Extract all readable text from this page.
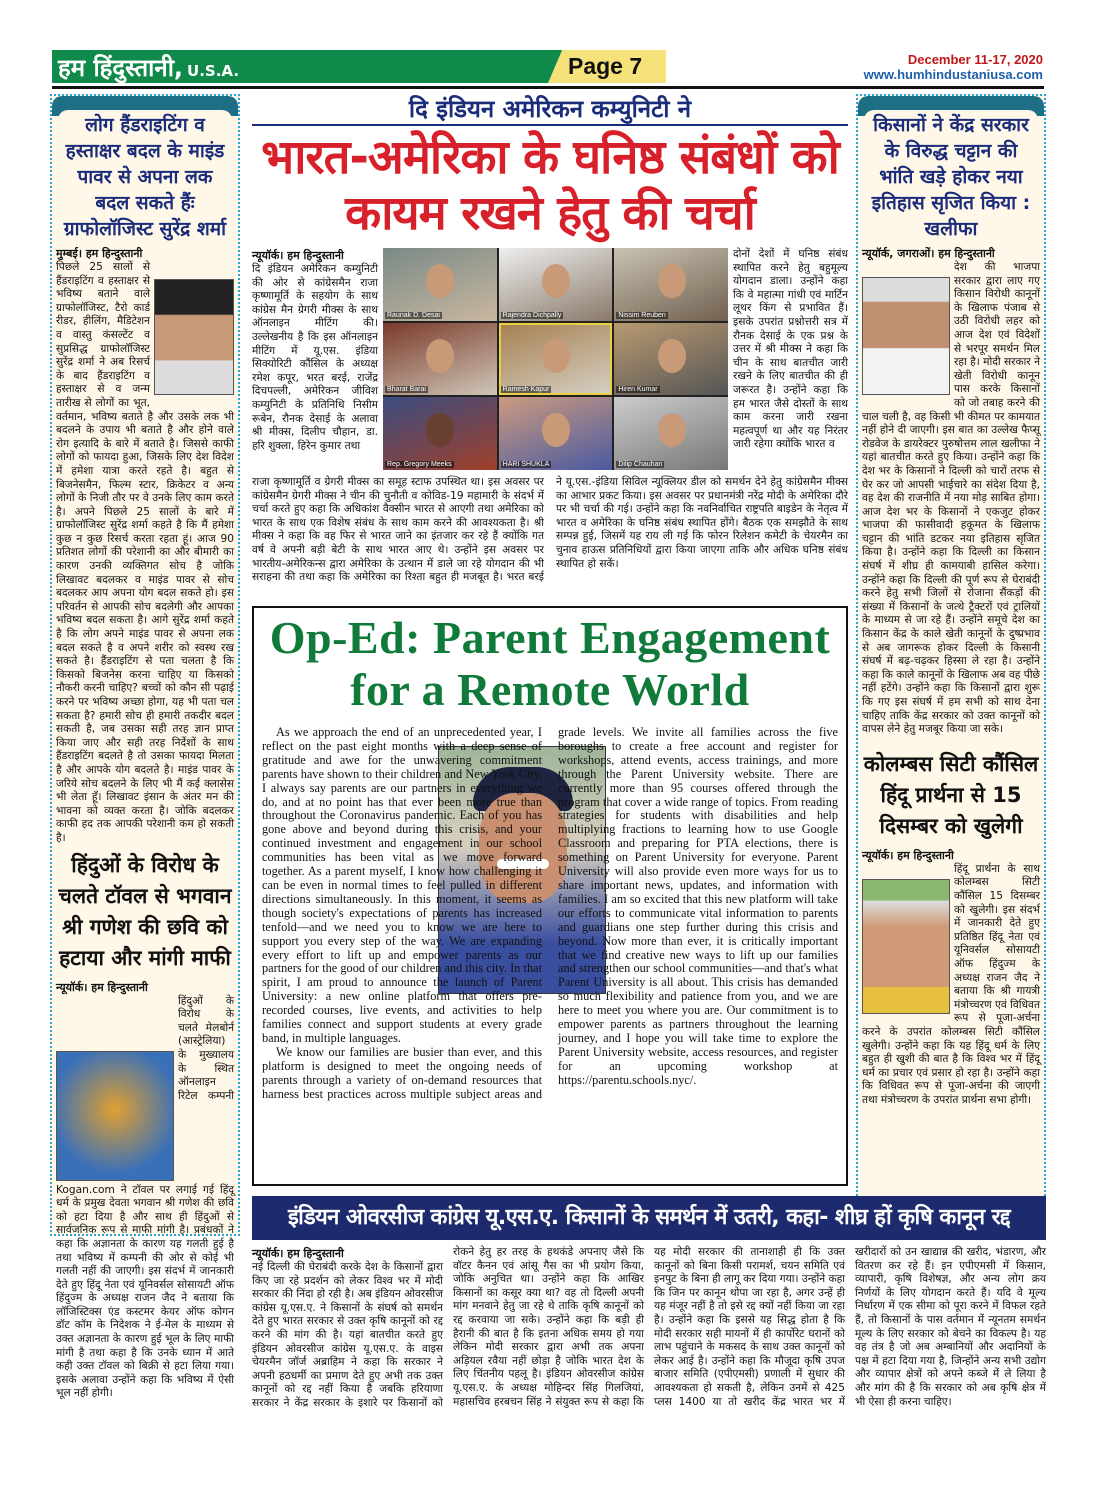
हम हिंदुस्तानी, U.S.A.	Page 7	December 11-17, 2020
www.humhindustaniusa.com
लोग हैंडराइटिंग व हस्ताक्षर बदल के माइंड पावर से अपना लक बदल सकते हैंः ग्राफोलॉजिस्ट सुरेंद्र शर्मा
मुम्बई। हम हिन्दुस्तानी
पिछले 25 सालों से हैंडराइटिंग व हस्ताक्षर से भविष्य बताने वाले ग्राफोलॉजिस्ट, टैरो कार्ड रीडर, हीलिंग, मैडिटेशन व वास्तु कंसल्टेंट व सुप्रसिद्ध ग्राफोलॉजिस्ट सुरेंद्र शर्मा ने अब रिसर्च के बाद हैंडराइटिंग व हस्ताक्षर से व जन्म तारीख से लोगों का भूत, वर्तमान, भविष्य बताते है और उसके लक भी बदलने के उपाय भी बताते है और होने वाले रोग इत्यादि के बारे में बताते है। जिससे काफी लोगों को फायदा हुआ, जिसके लिए देश विदेश में हमेशा यात्रा करते रहते है। बहुत से बिजनेसमैन, फिल्म स्टार, क्रिकेटर व अन्य लोगों के निजी तौर पर वे उनके लिए काम करते है। अपने पिछले 25 सालों के बारे में ग्राफोलॉजिस्ट सुरेंद्र शर्मा कहते है कि मैं हमेशा कुछ न कुछ रिसर्च करता रहता हूं। आज 90 प्रतिशत लोगों की परेशानी का और बीमारी का कारण उनकी व्यक्तिगत सोच है जोकि लिखावट बदलकर व माइंड पावर से सोच बदलकर आप अपना योग बदल सकते हो। इस परिवर्तन से आपकी सोच बदलेगी और आपका भविष्य बदल सकता है। आगे सुरेंद्र शर्मा कहते है कि लोग अपने माइंड पावर से अपना लक बदल सकते है व अपने शरीर को स्वस्थ रख सकते है। हैंडराइटिंग से पता चलता है कि किसको बिजनेस करना चाहिए या किसको नौकरी करनी चाहिए? बच्चों को कौन सी पढ़ाई करने पर भविष्य अच्छा होगा, यह भी पता चल सकता है? हमारी सोच ही हमारी तकदीर बदल सकती है, जब उसका सही तरह ज्ञान प्राप्त किया जाए और सही तरह निर्देशों के साथ हैंडराइटिंग बदलते है तो उसका फायदा मिलता है और आपके योग बदलते है। माइंड पावर के जरिये सोच बदलने के लिए भी मैं कई क्लासेस भी लेता हूँ। लिखावट इंसान के अंतर मन की भावना को व्यक्त करता है। जोकि बदलकर काफी हद तक आपकी परेशानी कम हो सकती है।
हिंदुओं के विरोध के चलते टॉवल से भगवान श्री गणेश की छवि को हटाया और मांगी माफी
न्यूयॉर्क। हम हिन्दुस्तानी
हिंदुओं के विरोध के चलते मेलबोर्न (आस्ट्रेलिया) के मुख्यालय के स्थित ऑनलाइन रिटेल कम्पनी Kogan.com ने टॉवल पर लगाई गई हिंदू धर्म के प्रमुख देवता भगवान श्री गणेश की छवि को हटा दिया है और साथ ही हिंदुओं से सार्वजनिक रूप से माफी मांगी है। प्रबंधकों ने कहा कि अज्ञानता के कारण यह गलती हुई है तथा भविष्य में कम्पनी की ओर से कोई भी गलती नहीं की जाएगी। इस संदर्भ में जानकारी देते हुए हिंदू नेता एवं यूनिवर्सल सोसायटी ऑफ हिंदुज्म के अध्यक्ष राजन जैद ने बताया कि लॉजिस्टिक्स एंड कस्टमर केयर ऑफ कोगन डॉट कॉम के निदेशक ने ई-मेल के माध्यम से उक्त अज्ञानता के कारण हुई भूल के लिए माफी मांगी है तथा कहा है कि उनके ध्यान में आते कही उक्त टॉवल को बिक्री से हटा लिया गया। इसके अलावा उन्होंने कहा कि भविष्य में ऐसी भूल नहीं होगी।
दि इंडियन अमेरिकन कम्युनिटी ने
भारत-अमेरिका के घनिष्ठ संबंधों को कायम रखने हेतु की चर्चा
न्यूयॉर्क। हम हिन्दुस्तानी
दि इंडियन अमेरिकन कम्युनिटी की ओर से कांग्रेसमैन राजा कृष्णामूर्ति के सहयोग के साथ कांग्रेस मैन ग्रेगरी मीक्स के साथ ऑनलाइन मीटिंग की। उल्लेखनीय है कि इस ऑनलाइन मीटिंग में यू.एस. इंडिया सिक्योरिटी कौंसिल के अध्यक्ष रमेश कपूर, भरत बरई, राजेंद्र दिचपल्ली, अमेरिकन जीविश कम्युनिटी के प्रतिनिधि निसीम रूबेन, रौनक देसाई के अलावा श्री मीक्स, दिलीप चौहान, डा. हरि शुक्ला, हिरेन कुमार तथा
Raunak D. Desai	Rajendra Dichpally	Nissim Reuben
Bharat Barai	Ramesh Kapur	Hiren Kumar
Rep. Gregory Meeks	HARI SHUKLA	Dilip Chauhan
दोनों देशों में घनिष्ठ संबंध स्थापित करने हेतु बहुमूल्य योगदान डाला। उन्होंने कहा कि वे महात्मा गांधी एवं मार्टिन लूथर किंग से प्रभावित हैं। इसके उपरांत प्रश्नोत्तरी सत्र में रौनक देसाई के एक प्रश्न के उत्तर में श्री मीक्स ने कहा कि चीन के साथ बातचीत जारी रखने के लिए बातचीत की ही जरूरत है। उन्होंने कहा कि हम भारत जैसे दोस्तों के साथ काम करना जारी रखना महत्वपूर्ण था और यह निरंतर जारी रहेगा क्योंकि भारत व
राजा कृष्णामूर्ति व ग्रेगरी मीक्स का समूह स्टाफ उपस्थित था। इस अवसर पर कांग्रेसमैन ग्रेगरी मीक्स ने चीन की चुनौती व कोविड-19 महामारी के संदर्भ में चर्चा करते हुए कहा कि अधिकांश वैक्सीन भारत से आएगी तथा अमेरिका को भारत के साथ एक विशेष संबंध के साथ काम करने की आवश्यकता है। श्री मीक्स ने कहा कि वह फिर से भारत जाने का इंतजार कर रहे हैं क्योंकि गत वर्ष वे अपनी बड़ी बेटी के साथ भारत आए थे। उन्होंने इस अवसर पर भारतीय-अमेरिकन्स द्वारा अमेरिका के उत्थान में डाले जा रहे योगदान की भी सराहना की तथा कहा कि अमेरिका का रिश्ता बहुत ही मजबूत है। भरत बरई ने यू.एस.-इंडिया सिविल न्यूक्लियर डील को समर्थन देने हेतु कांग्रेसमैन मीक्स का आभार प्रकट किया। इस अवसर पर प्रधानमंत्री नरेंद्र मोदी के अमेरिका दौरे पर भी चर्चा की गई। उन्होंने कहा कि नवनिर्वाचित राष्ट्रपति बाइडेन के नेतृत्व में भारत व अमेरिका के घनिष्ठ संबंध स्थापित होंगे। बैठक एक समझौते के साथ सम्पन्न हुई, जिसमें यह राय ली गई कि फोरन रिलेशन कमेटी के चेयरमैन का चुनाव हाऊस प्रतिनिधियों द्वारा किया जाएगा ताकि और अधिक घनिष्ठ संबंध स्थापित हो सकें।
Op-Ed: Parent Engagement for a Remote World

As we approach the end of an unprecedented year, I reflect on the past eight months with a deep sense of gratitude and awe for the unwavering commitment parents have shown to their children and New York City. I always say parents are our partners in everything we do, and at no point has that ever been more true than throughout the Coronavirus pandemic. Each of you has gone above and beyond during this crisis, and your continued investment and engagement in our school communities has been vital as we move forward together. As a parent myself, I know how challenging it can be even in normal times to feel pulled in different directions simultaneously. In this moment, it seems as though society's expectations of parents has increased tenfold—and we need you to know we are here to support you every step of the way. We are expanding every effort to lift up and empower parents as our partners for the good of our children and this city. In that spirit, I am proud to announce the launch of Parent University: a new online platform that offers pre-recorded courses, live events, and activities to help families connect and support students at every grade band, in multiple languages.

We know our families are busier than ever, and this platform is designed to meet the ongoing needs of parents through a variety of on-demand resources that harness best practices across multiple subject areas and grade levels. We invite all families across the five boroughs to create a free account and register for workshops, attend events, access trainings, and more through the Parent University website. There are currently more than 95 courses offered through the program that cover a wide range of topics. From reading strategies for students with disabilities and help multiplying fractions to learning how to use Google Classroom and preparing for PTA elections, there is something on Parent University for everyone. Parent University will also provide even more ways for us to share important news, updates, and information with families. I am so excited that this new platform will take our efforts to communicate vital information to parents and guardians one step further during this crisis and beyond. Now more than ever, it is critically important that we find creative new ways to lift up our families and strengthen our school communities—and that's what Parent University is all about. This crisis has demanded so much flexibility and patience from you, and we are here to meet you where you are. Our commitment is to empower parents as partners throughout the learning journey, and I hope you will take time to explore the Parent University website, access resources, and register for an upcoming workshop at https://parentu.schools.nyc/.

किसानों ने केंद्र सरकार के विरुद्ध चट्टान की भांति खड़े होकर नया इतिहास सृजित किया : खलीफा
न्यूयॉर्क, जगराओं। हम हिन्दुस्तानी
देश की भाजपा सरकार द्वारा लाए गए किसान विरोधी कानूनों के खिलाफ पंजाब से उठी विरोधी लहर को आज देश एवं विदेशों से भरपूर समर्थन मिल रहा है। मोदी सरकार ने खेती विरोधी कानून पास करके किसानों को जो तबाह करने की चाल चली है, वह किसी भी कीमत पर कामयात नहीं होने दी जाएगी। इस बात का उल्लेख फैप्सू रोडवेज के डायरेक्टर पुरुषोत्तम लाल खलीफा ने यहां बातचीत करते हुए किया। उन्होंने कहा कि देश भर के किसानों ने दिल्ली को चारों तरफ से घेर कर जो आपसी भाईचारे का संदेश दिया है, वह देश की राजनीति में नया मोड़ साबित होगा। आज देश भर के किसानों ने एकजुट होकर भाजपा की फासीवादी हकूमत के खिलाफ चट्टान की भांति डटकर नया इतिहास सृजित किया है। उन्होंने कहा कि दिल्ली का किसान संघर्ष में शीघ्र ही कामयाबी हासिल करेगा। उन्होंने कहा कि दिल्ली की पूर्ण रूप से घेराबंदी करने हेतु सभी जिलों से रोजाना सैंकड़ों की संख्या में किसानों के जत्थे ट्रैक्टरों एवं ट्रालियों के माध्यम से जा रहे हैं। उन्होंने समूचे देश का किसान केंद्र के काले खेती कानूनों के दुष्प्रभाव से अब जागरूक होकर दिल्ली के किसानी संघर्ष में बढ़-चढ़कर हिस्सा ले रहा है। उन्होंने कहा कि काले कानूनों के खिलाफ अब वह पीछे नहीं हटेंगे। उन्होंने कहा कि किसानों द्वारा शुरू कि गए इस संघर्ष में हम सभी को साथ देना चाहिए ताकि केंद्र सरकार को उक्त कानूनों को वापस लेने हेतु मजबूर किया जा सके।
कोलम्बस सिटी कौंसिल हिंदू प्रार्थना से 15 दिसम्बर को खुलेगी
न्यूयॉर्क। हम हिन्दुस्तानी
हिंदू प्रार्थना के साथ कोलम्बस सिटी कौंसिल 15 दिसम्बर को खुलेगी। इस संदर्भ में जानकारी देते हुए प्रतिष्ठित हिंदू नेता एवं यूनिवर्सल सोसायटी ऑफ हिंदुज्म के अध्यक्ष राजन जैद ने बताया कि श्री गायत्री मंत्रोच्चरण एवं विधिवत रूप से पूजा-अर्चना करने के उपरांत कोलम्बस सिटी कौंसिल खुलेगी। उन्होंने कहा कि यह हिंदू धर्म के लिए बहुत ही खुशी की बात है कि विश्व भर में हिंदू धर्म का प्रचार एवं प्रसार हो रहा है। उन्होंने कहा कि विधिवत रूप से पूजा-अर्चना की जाएगी तथा मंत्रोच्चरण के उपरांत प्रार्थना सभा होगी।
इंडियन ओवरसीज कांग्रेस यू.एस.ए. किसानों के समर्थन में उतरी, कहा- शीघ्र हों कृषि कानून रद्द
न्यूयॉर्क। हम हिन्दुस्तानी
नई दिल्ली की घेराबंदी करके देश के किसानों द्वारा किए जा रहे प्रदर्शन को लेकर विश्व भर में मोदी सरकार की निंदा हो रही है। अब इंडियन ओवरसीज कांग्रेस यू.एस.ए. ने किसानों के संघर्ष को समर्थन देते हुए भारत सरकार से उक्त कृषि कानूनों को रद्द करने की मांग की है। यहां बातचीत करते हुए इंडियन ओवरसीज कांग्रेस यू.एस.ए. के वाइस चेयरमैन जॉर्ज अब्राहिम ने कहा कि सरकार ने अपनी हठधर्मी का प्रमाण देते हुए अभी तक उक्त कानूनों को रद्द नहीं किया है जबकि हरियाणा सरकार ने केंद्र सरकार के इशारे पर किसानों को रोकने हेतु हर तरह के हथकंडे अपनाए जैसे कि वॉटर कैनन एवं आंसू गैस का भी प्रयोग किया, जोकि अनुचित था। उन्होंने कहा कि आखिर किसानों का कसूर क्या था? वह तो दिल्ली अपनी मांग मनवाने हेतु जा रहे थे ताकि कृषि कानूनों को रद्द करवाया जा सके। उन्होंने कहा कि बड़ी ही हैरानी की बात है कि इतना अधिक समय हो गया लेकिन मोदी सरकार द्वारा अभी तक अपना अड़ियल रवैया नहीं छोड़ा है जोकि भारत देश के लिए चिंतनीय पहलू है। इंडियन ओवरसीज कांग्रेस यू.एस.ए. के अध्यक्ष मोहिन्दर सिंह गिलजियां, महासचिव हरबचन सिंह ने संयुक्त रूप से कहा कि यह मोदी सरकार की तानाशाही ही कि उक्त कानूनों को बिना किसी परामर्श, चयन समिति एवं इनपुट के बिना ही लागू कर दिया गया। उन्होंने कहा कि जिन पर कानून थोपा जा रहा है, अगर उन्हें ही यह मंजूर नहीं है तो इसे रद्द क्यों नहीं किया जा रहा है। उन्होंने कहा कि इससे यह सिद्ध होता है कि मोदी सरकार सही मायनों में ही कार्पोरेट घरानों को लाभ पहुंचाने के मकसद के साथ उक्त कानूनों को लेकर आई है। उन्होंने कहा कि मौजूदा कृषि उपज बाजार समिति (एपीएमसी) प्रणाली में सुधार की आवश्यकता हो सकती है, लेकिन उनमें से 425 प्लस 1400 या तो खरीद केंद्र भारत भर में खरीदारों को उन खाद्यान्न की खरीद, भंडारण, और वितरण कर रहे हैं। इन एपीएमसी में किसान, व्यापारी, कृषि विशेषज्ञ, और अन्य लोग क्रय निर्णयों के लिए योगदान करते हैं। यदि वे मूल्य निर्धारण में एक सीमा को पूरा करने में विफल रहते हैं, तो किसानों के पास वर्तमान में न्यूनतम समर्थन मूल्य के लिए सरकार को बेचने का विकल्प है। यह वह तंत्र है जो अब अम्बानियों और अदानियों के पक्ष में हटा दिया गया है, जिन्होंने अन्य सभी उद्योग और व्यापार क्षेत्रों को अपने कब्जे में ले लिया है और मांग की है कि सरकार को अब कृषि क्षेत्र में भी ऐसा ही करना चाहिए।
